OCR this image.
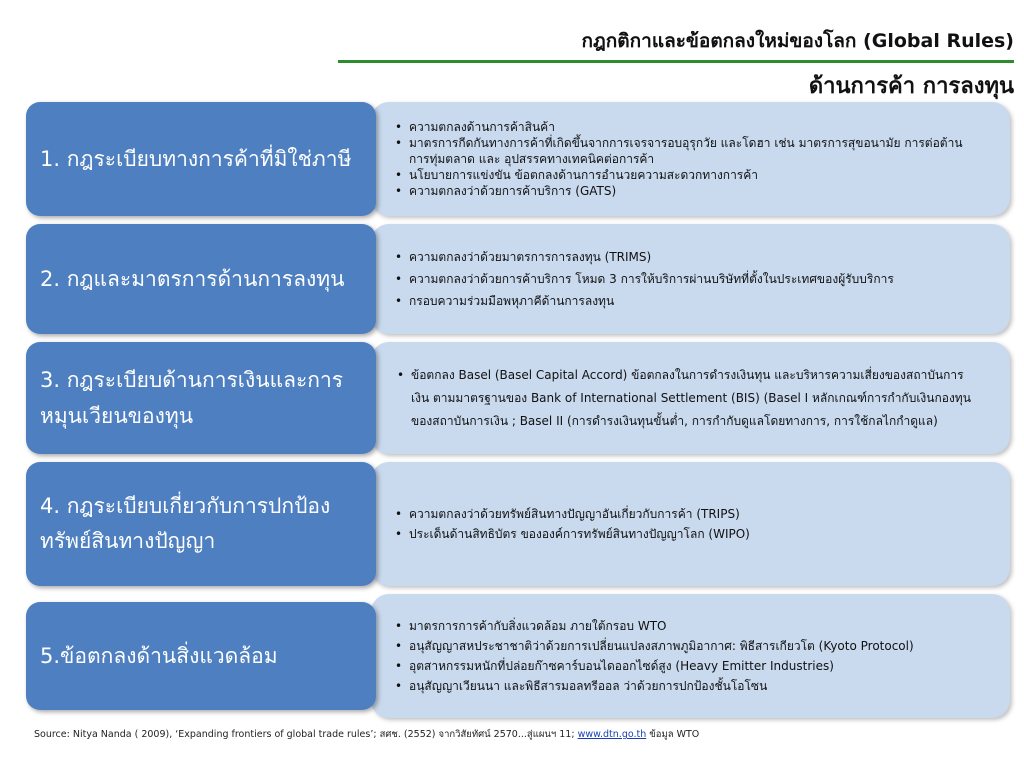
กฎกติกาและข้อตกลงใหม่ของโลก (Global Rules)
ด้านการค้า การลงทุน
• ความตกลงด้านการค้าสินค้า
• มาตรการกีดกันทางการค้าที่เกิดขึ้นจากการเจรจารอบอุรุกวัย และโดฮา เช่น มาตรการสุขอนามัย การต่อต้านการทุ่มตลาด และ อุปสรรคทางเทคนิคต่อการค้า
• นโยบายการแข่งขัน ข้อตกลงด้านการอำนวยความสะดวกทางการค้า
• ความตกลงว่าด้วยการค้าบริการ (GATS)
1. กฎระเบียบทางการค้าที่มิใช่ภาษี
• ความตกลงว่าด้วยมาตรการการลงทุน (TRIMS)
• ความตกลงว่าด้วยการค้าบริการ โหมด 3 การให้บริการผ่านบริษัทที่ตั้งในประเทศของผู้รับบริการ
• กรอบความร่วมมือพหุภาคีด้านการลงทุน
2. กฎและมาตรการด้านการลงทุน
• ข้อตกลง Basel (Basel Capital Accord) ข้อตกลงในการดำรงเงินทุน และบริหารความเสี่ยงของสถาบันการเงิน ตามมาตรฐานของ Bank of International Settlement (BIS) (Basel I หลักเกณฑ์การกำกับเงินกองทุนของสถาบันการเงิน ; Basel II (การดำรงเงินทุนขั้นต่ำ, การกำกับดูแลโดยทางการ, การใช้กลไกกำดูแล)
3. กฎระเบียบด้านการเงินและการหมุนเวียนของทุน
• ความตกลงว่าด้วยทรัพย์สินทางปัญญาอันเกี่ยวกับการค้า (TRIPS)
• ประเด็นด้านสิทธิบัตร ขององค์การทรัพย์สินทางปัญญาโลก (WIPO)
4. กฎระเบียบเกี่ยวกับการปกป้องทรัพย์สินทางปัญญา
• มาตรการการค้ากับสิ่งแวดล้อม ภายใต้กรอบ WTO
• อนุสัญญาสหประชาชาติว่าด้วยการเปลี่ยนแปลงสภาพภูมิอากาศ: พิธีสารเกียวโต (Kyoto Protocol)
• อุตสาหกรรมหนักที่ปล่อยก๊าซคาร์บอนไดออกไซด์สูง (Heavy Emitter Industries)
• อนุสัญญาเวียนนา และพิธีสารมอลทรีออล ว่าด้วยการปกป้องชั้นโอโซน
5.ข้อตกลงด้านสิ่งแวดล้อม
Source: Nitya Nanda ( 2009), ‘Expanding frontiers of global trade rules’; สศช. (2552) จากวิสัยทัศน์ 2570...สู่แผนฯ 11; www.dtn.go.th ข้อมูล WTO
